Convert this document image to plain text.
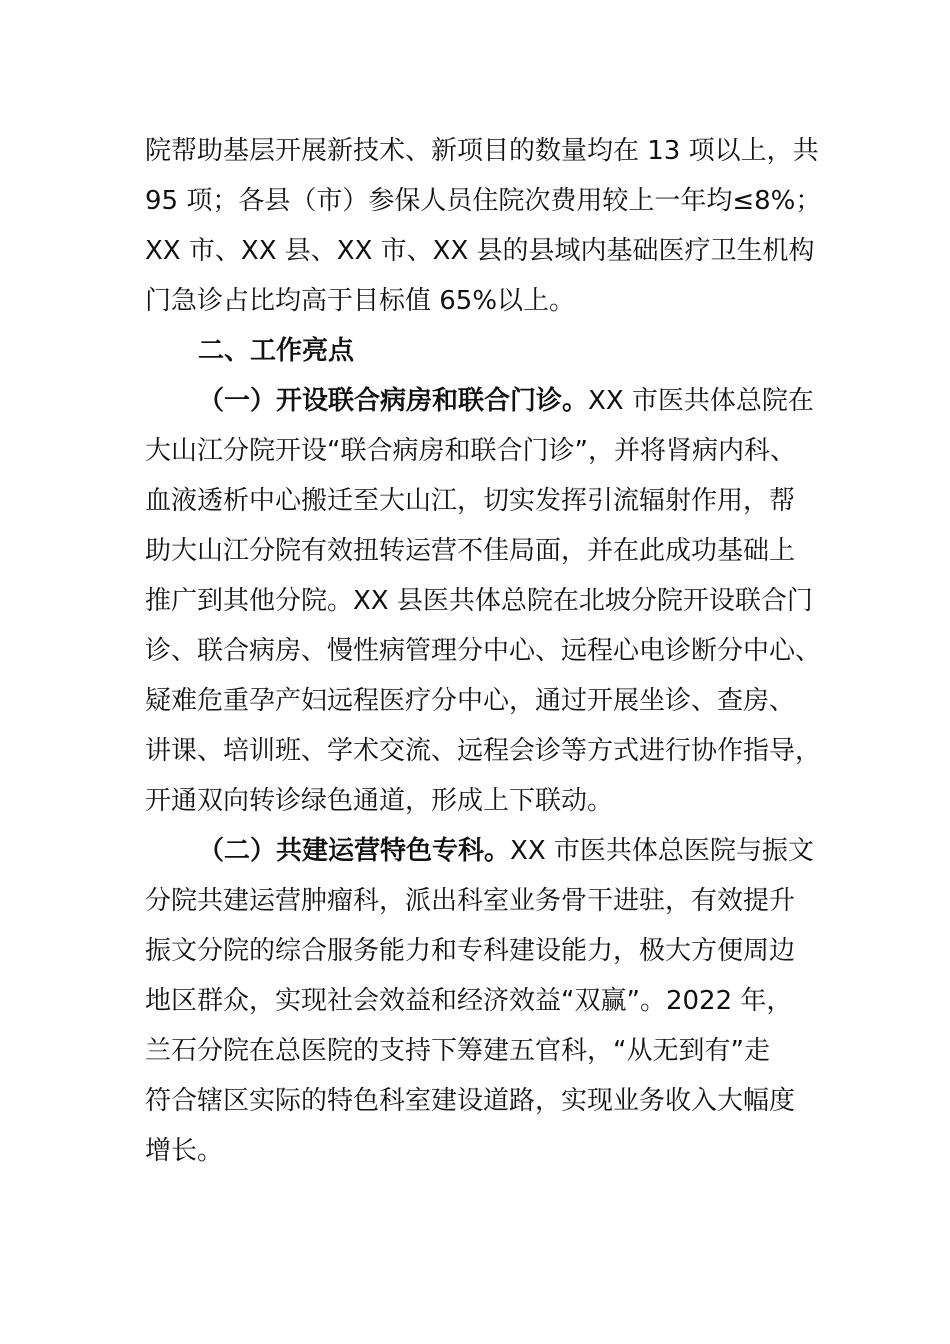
院帮助基层开展新技术、新项目的数量均在 13 项以上，共
95 项；各县（市）参保人员住院次费用较上一年均≤8%；
XX 市、XX 县、XX 市、XX 县的县域内基础医疗卫生机构
门急诊占比均高于目标值 65%以上。
二、工作亮点
（一）开设联合病房和联合门诊。XX 市医共体总院在
大山江分院开设“联合病房和联合门诊”，并将肾病内科、
血液透析中心搬迁至大山江，切实发挥引流辐射作用，帮
助大山江分院有效扭转运营不佳局面，并在此成功基础上
推广到其他分院。XX 县医共体总院在北坡分院开设联合门
诊、联合病房、慢性病管理分中心、远程心电诊断分中心、
疑难危重孕产妇远程医疗分中心，通过开展坐诊、查房、
讲课、培训班、学术交流、远程会诊等方式进行协作指导，
开通双向转诊绿色通道，形成上下联动。
（二）共建运营特色专科。XX 市医共体总医院与振文
分院共建运营肿瘤科，派出科室业务骨干进驻，有效提升
振文分院的综合服务能力和专科建设能力，极大方便周边
地区群众，实现社会效益和经济效益“双赢”。2022 年，
兰石分院在总医院的支持下筹建五官科，“从无到有”走
符合辖区实际的特色科室建设道路，实现业务收入大幅度
增长。
